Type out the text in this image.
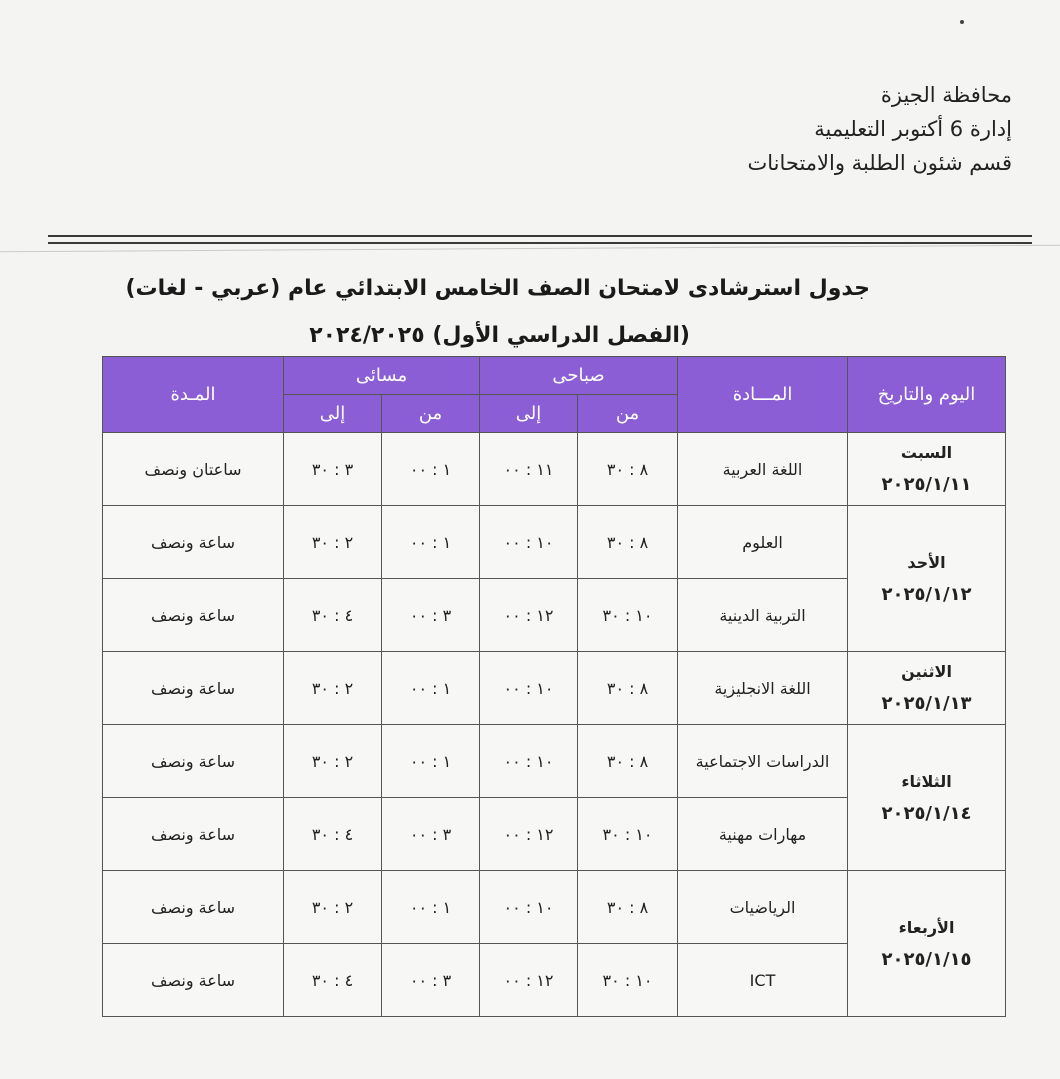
محافظة الجيزة
إدارة 6 أكتوبر التعليمية
قسم شئون الطلبة والامتحانات
جدول استرشادى لامتحان الصف الخامس الابتدائي عام (عربي - لغات)
(الفصل الدراسي الأول) ٢٠٢٤/٢٠٢٥
اليوم والتاريخ	المـــادة	صباحى		مسائى		المـدة
		من	إلى	من	إلى	

السبت
٢٠٢٥/١/١١	اللغة العربية	٨ : ٣٠	١١ : ٠٠	١ : ٠٠	٣ : ٣٠	ساعتان ونصف

الأحد
٢٠٢٥/١/١٢	العلوم	٨ : ٣٠	١٠ : ٠٠	١ : ٠٠	٢ : ٣٠	ساعة ونصف
	التربية الدينية	١٠ : ٣٠	١٢ : ٠٠	٣ : ٠٠	٤ : ٣٠	ساعة ونصف

الاثنين
٢٠٢٥/١/١٣	اللغة الانجليزية	٨ : ٣٠	١٠ : ٠٠	١ : ٠٠	٢ : ٣٠	ساعة ونصف

الثلاثاء
٢٠٢٥/١/١٤	الدراسات الاجتماعية	٨ : ٣٠	١٠ : ٠٠	١ : ٠٠	٢ : ٣٠	ساعة ونصف
	مهارات مهنية	١٠ : ٣٠	١٢ : ٠٠	٣ : ٠٠	٤ : ٣٠	ساعة ونصف

الأربعاء
٢٠٢٥/١/١٥	الرياضيات	٨ : ٣٠	١٠ : ٠٠	١ : ٠٠	٢ : ٣٠	ساعة ونصف
	ICT	١٠ : ٣٠	١٢ : ٠٠	٣ : ٠٠	٤ : ٣٠	ساعة ونصف
